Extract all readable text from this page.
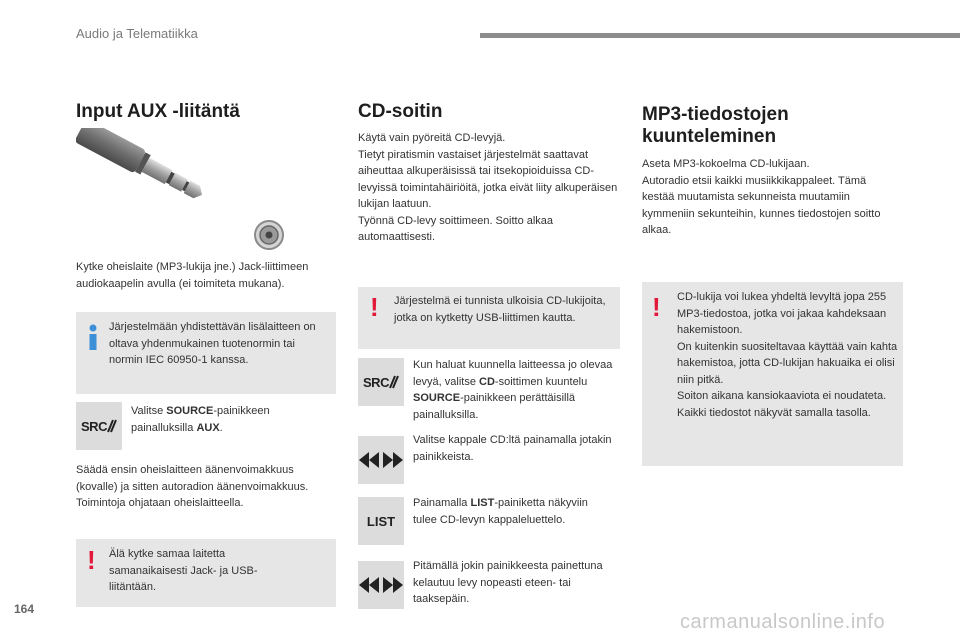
Audio ja Telematiikka
Input AUX -liitäntä
Kytke oheislaite (MP3-lukija jne.) Jack-liittimeen audiokaapelin avulla (ei toimiteta mukana).
Järjestelmään yhdistettävän lisälaitteen on oltava yhdenmukainen tuotenormin tai normin IEC 60950-1 kanssa.
SRC
Valitse SOURCE-painikkeen painalluksilla AUX.
Säädä ensin oheislaitteen äänenvoimakkuus (kovalle) ja sitten autoradion äänenvoimakkuus. Toimintoja ohjataan oheislaitteella.
! Älä kytke samaa laitetta samanaikaisesti Jack- ja USB-liitäntään.
CD-soitin
Käytä vain pyöreitä CD-levyjä.
Tietyt piratismin vastaiset järjestelmät saattavat aiheuttaa alkuperäisissä tai itsekopioiduissa CD-levyissä toimintahäiriöitä, jotka eivät liity alkuperäisen lukijan laatuun.
Työnnä CD-levy soittimeen. Soitto alkaa automaattisesti.
! Järjestelmä ei tunnista ulkoisia CD-lukijoita, jotka on kytketty USB-liittimen kautta.
SRC
Kun haluat kuunnella laitteessa jo olevaa levyä, valitse CD-soittimen kuuntelu SOURCE-painikkeen perättäisillä painalluksilla.
Valitse kappale CD:ltä painamalla jotakin painikkeista.
LIST
Painamalla LIST-painiketta näkyviin tulee CD-levyn kappaleluettelo.
Pitämällä jokin painikkeesta painettuna kelautuu levy nopeasti eteen- tai taaksepäin.
MP3-tiedostojen kuunteleminen
Aseta MP3-kokoelma CD-lukijaan.
Autoradio etsii kaikki musiikkikappaleet. Tämä kestää muutamista sekunneista muutamiin kymmeniin sekunteihin, kunnes tiedostojen soitto alkaa.
! CD-lukija voi lukea yhdeltä levyltä jopa 255 MP3-tiedostoa, jotka voi jakaa kahdeksaan hakemistoon.
On kuitenkin suositeltavaa käyttää vain kahta hakemistoa, jotta CD-lukijan hakuaika ei olisi niin pitkä.
Soiton aikana kansiokaaviota ei noudateta.
Kaikki tiedostot näkyvät samalla tasolla.
164
carmanualsonline.info
